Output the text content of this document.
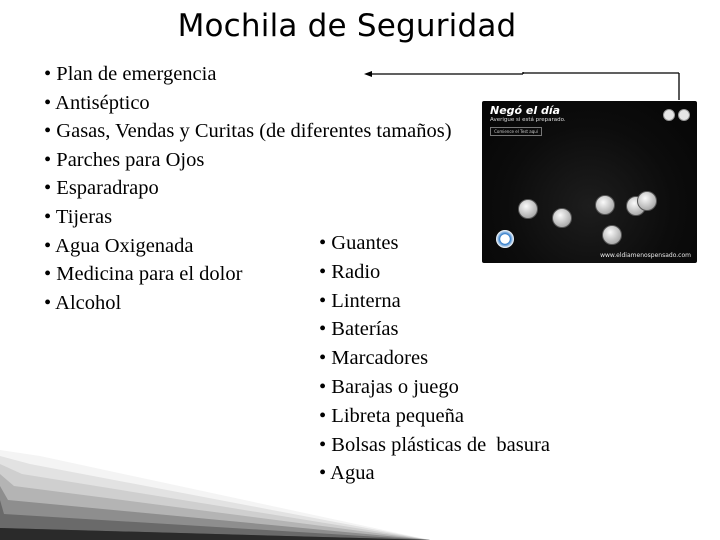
Mochila de Seguridad
• Plan de emergencia
• Antiséptico
• Gasas, Vendas y Curitas (de diferentes tamaños)
• Parches para Ojos
• Esparadrapo
• Tijeras
• Agua Oxigenada
• Medicina para el dolor
• Alcohol
• Guantes
• Radio
• Linterna
• Baterías
• Marcadores
• Barajas o juego
• Libreta pequeña
• Bolsas plásticas de  basura
• Agua
Negó el día
Averigue si está preparado.
Comience el Test aquí
www.eldiamenospensado.com
